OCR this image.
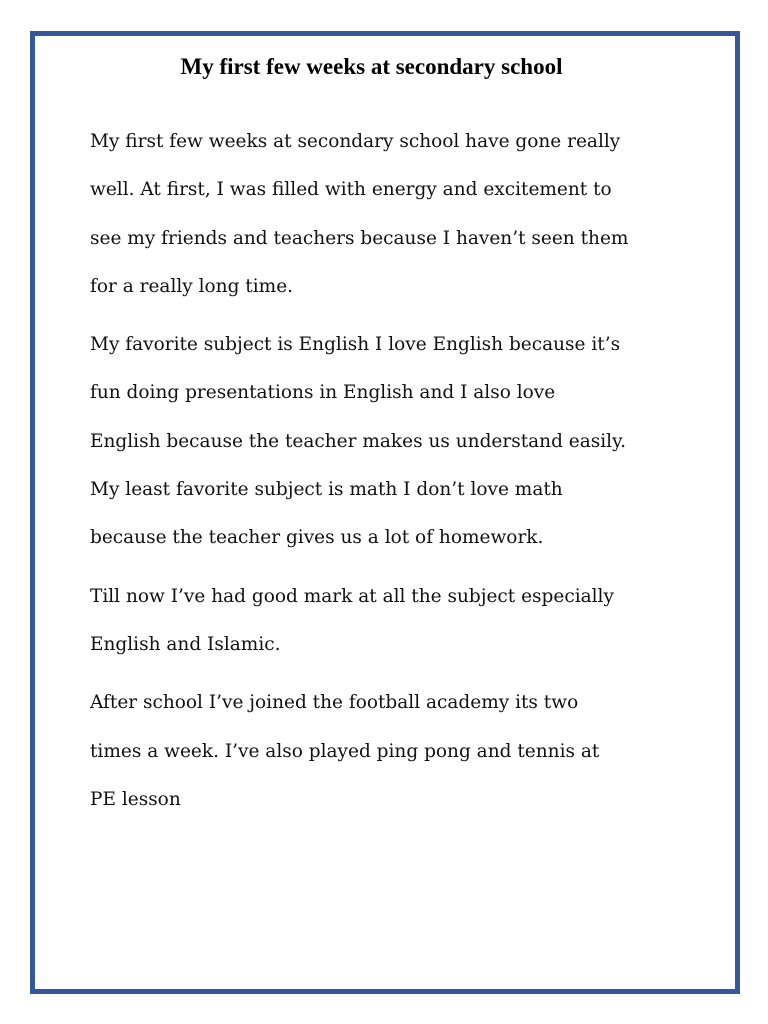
My first few weeks at secondary school

My first few weeks at secondary school have gone really
well. At first, I was filled with energy and excitement to
see my friends and teachers because I haven’t seen them
for a really long time.

My favorite subject is English I love English because it’s
fun doing presentations in English and I also love
English because the teacher makes us understand easily.
My least favorite subject is math I don’t love math
because the teacher gives us a lot of homework.

Till now I’ve had good mark at all the subject especially
English and Islamic.

After school I’ve joined the football academy its two
times a week. I’ve also played ping pong and tennis at
PE lesson
